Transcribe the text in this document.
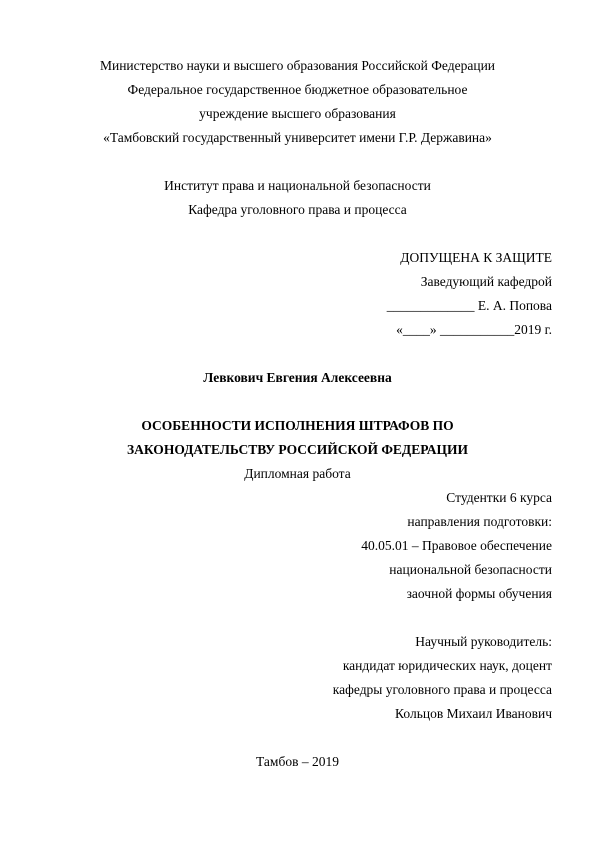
Министерство науки и высшего образования Российской Федерации
Федеральное государственное бюджетное образовательное
учреждение высшего образования
«Тамбовский государственный университет имени Г.Р. Державина»
Институт права и национальной безопасности
Кафедра уголовного права и процесса
ДОПУЩЕНА К ЗАЩИТЕ
Заведующий кафедрой
_____________ Е. А. Попова
«____» ___________2019 г.
Левкович Евгения Алексеевна
ОСОБЕННОСТИ ИСПОЛНЕНИЯ ШТРАФОВ ПО
ЗАКОНОДАТЕЛЬСТВУ РОССИЙСКОЙ ФЕДЕРАЦИИ
Дипломная работа
Студентки 6 курса
направления подготовки:
40.05.01 – Правовое обеспечение
национальной безопасности
заочной формы обучения
Научный руководитель:
кандидат юридических наук, доцент
кафедры уголовного права и процесса
Кольцов Михаил Иванович
Тамбов – 2019
